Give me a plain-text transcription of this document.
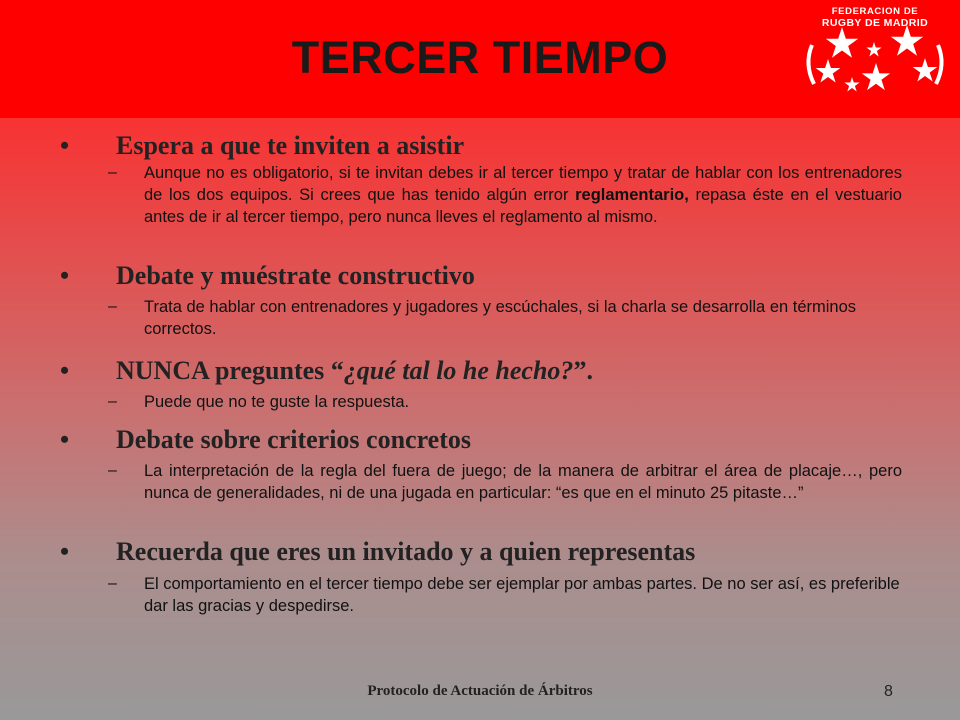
TERCER TIEMPO
FEDERACION DE
RUGBY DE MADRID
• Espera a que te inviten a asistir
– Aunque no es obligatorio, si te invitan debes ir al tercer tiempo y tratar de hablar con los entrenadores de los dos equipos. Si crees que has tenido algún error reglamentario, repasa éste en el vestuario antes de ir al tercer tiempo, pero nunca lleves el reglamento al mismo.
• Debate y muéstrate constructivo
– Trata de hablar con entrenadores y jugadores y escúchales, si la charla se desarrolla en términos correctos.
• NUNCA preguntes “¿qué tal lo he hecho?”.
– Puede que no te guste la respuesta.
• Debate sobre criterios concretos
– La interpretación de la regla del fuera de juego; de la manera de arbitrar el área de placaje…, pero nunca de generalidades, ni de una jugada en particular: “es que en el minuto 25 pitaste…”
• Recuerda que eres un invitado y a quien representas
– El comportamiento en el tercer tiempo debe ser ejemplar por ambas partes. De no ser así, es preferible dar las gracias y despedirse.
Protocolo de Actuación de Árbitros	8
